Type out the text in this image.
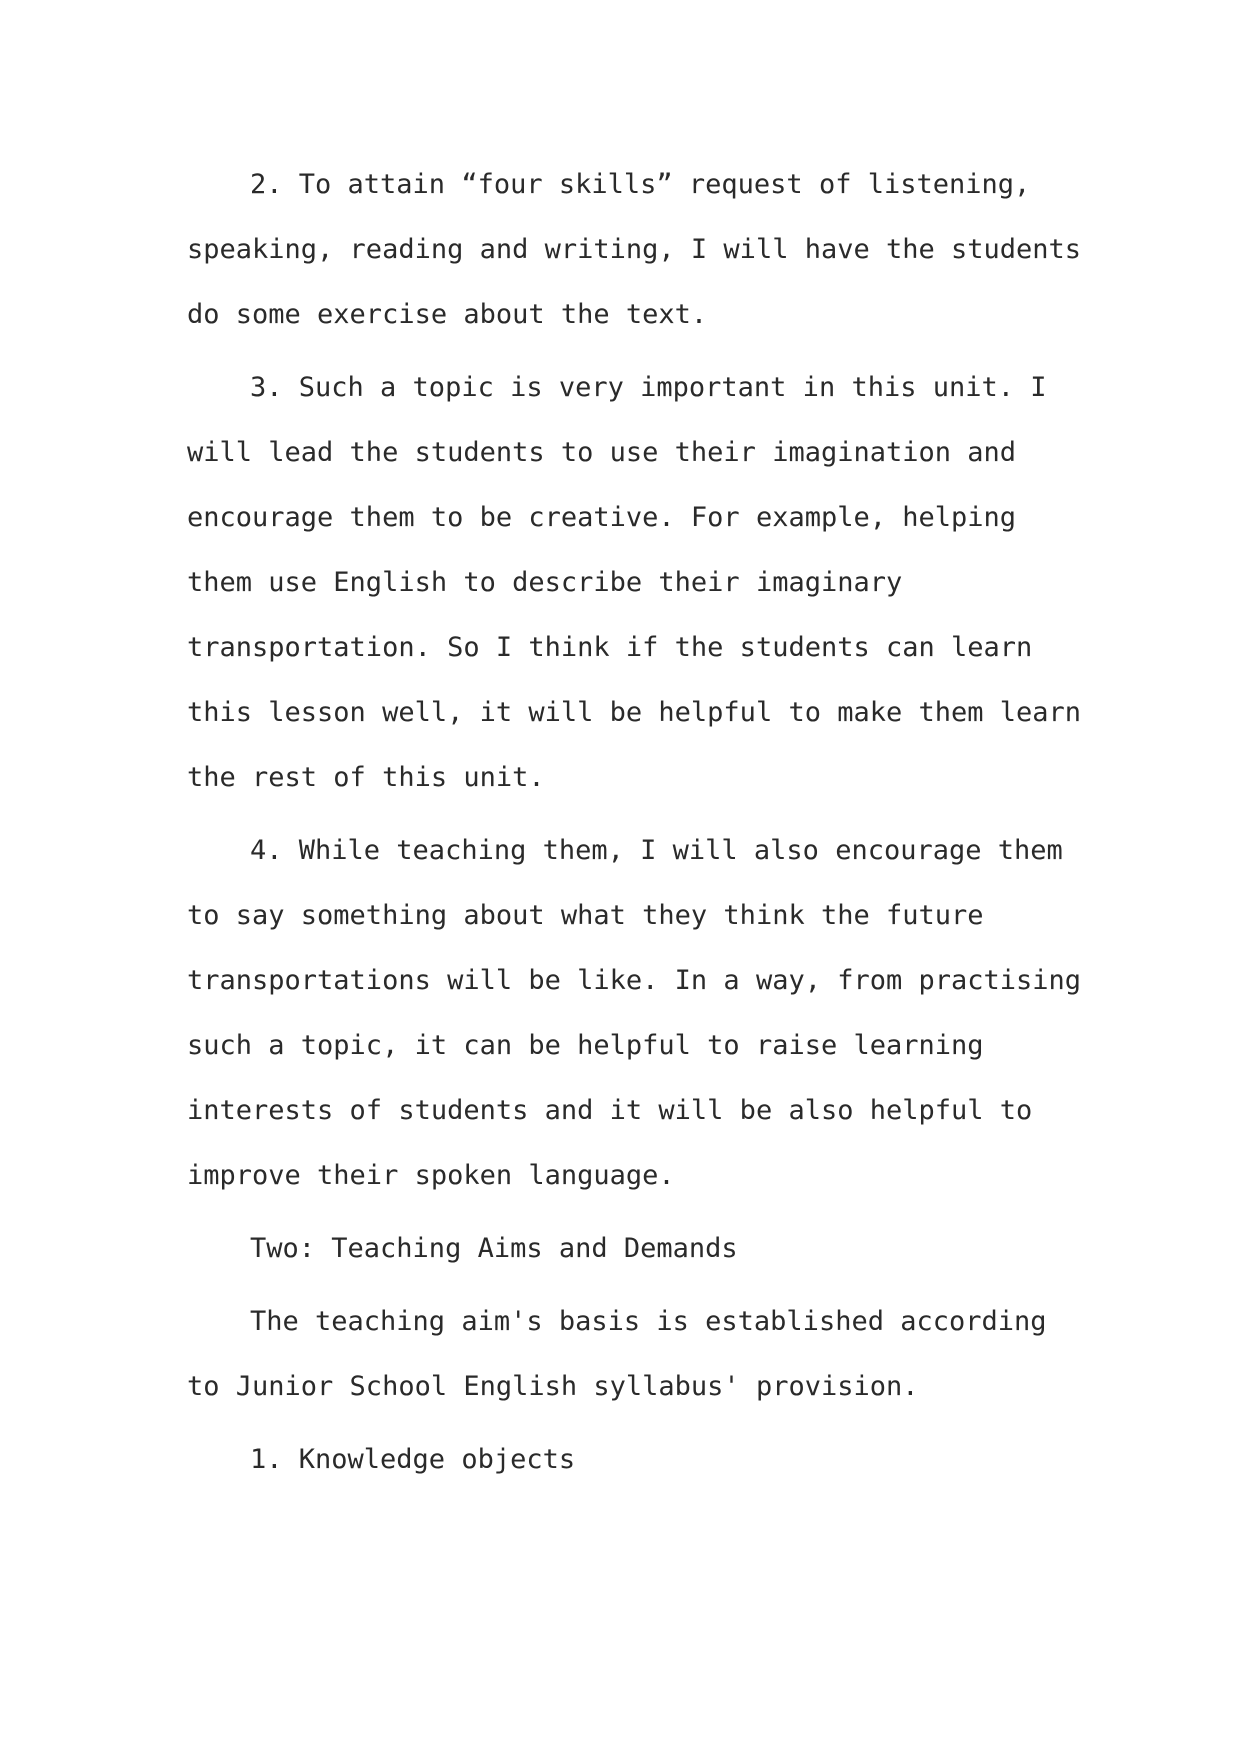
2. To attain “four skills” request of listening,
speaking, reading and writing, I will have the students
do some exercise about the text.

3. Such a topic is very important in this unit. I
will lead the students to use their imagination and
encourage them to be creative. For example, helping
them use English to describe their imaginary
transportation. So I think if the students can learn
this lesson well, it will be helpful to make them learn
the rest of this unit.

4. While teaching them, I will also encourage them
to say something about what they think the future
transportations will be like. In a way, from practising
such a topic, it can be helpful to raise learning
interests of students and it will be also helpful to
improve their spoken language.

Two: Teaching Aims and Demands

The teaching aim's basis is established according
to Junior School English syllabus' provision.

1. Knowledge objects
